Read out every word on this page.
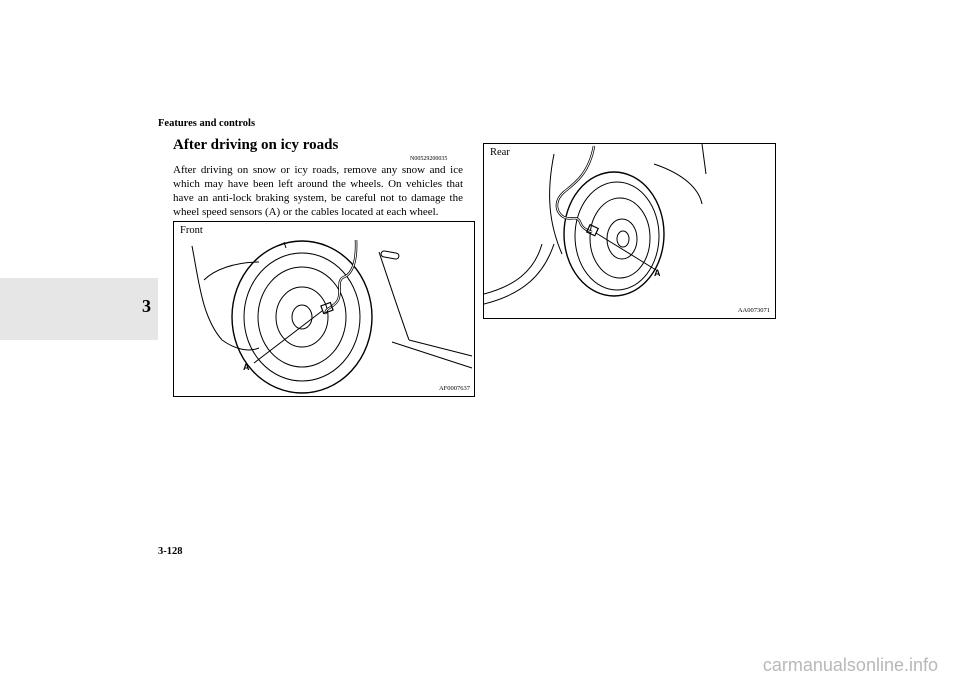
3
Features and controls
After driving on icy roads
N00529200035
After driving on snow or icy roads, remove any snow and ice which may have been left around the wheels. On vehicles that have an anti-lock braking system, be careful not to damage the wheel speed sensors (A) or the cables located at each wheel.
Front
A
AF0007637
Rear
A
AA0073071
3-128
carmanualsonline.info
